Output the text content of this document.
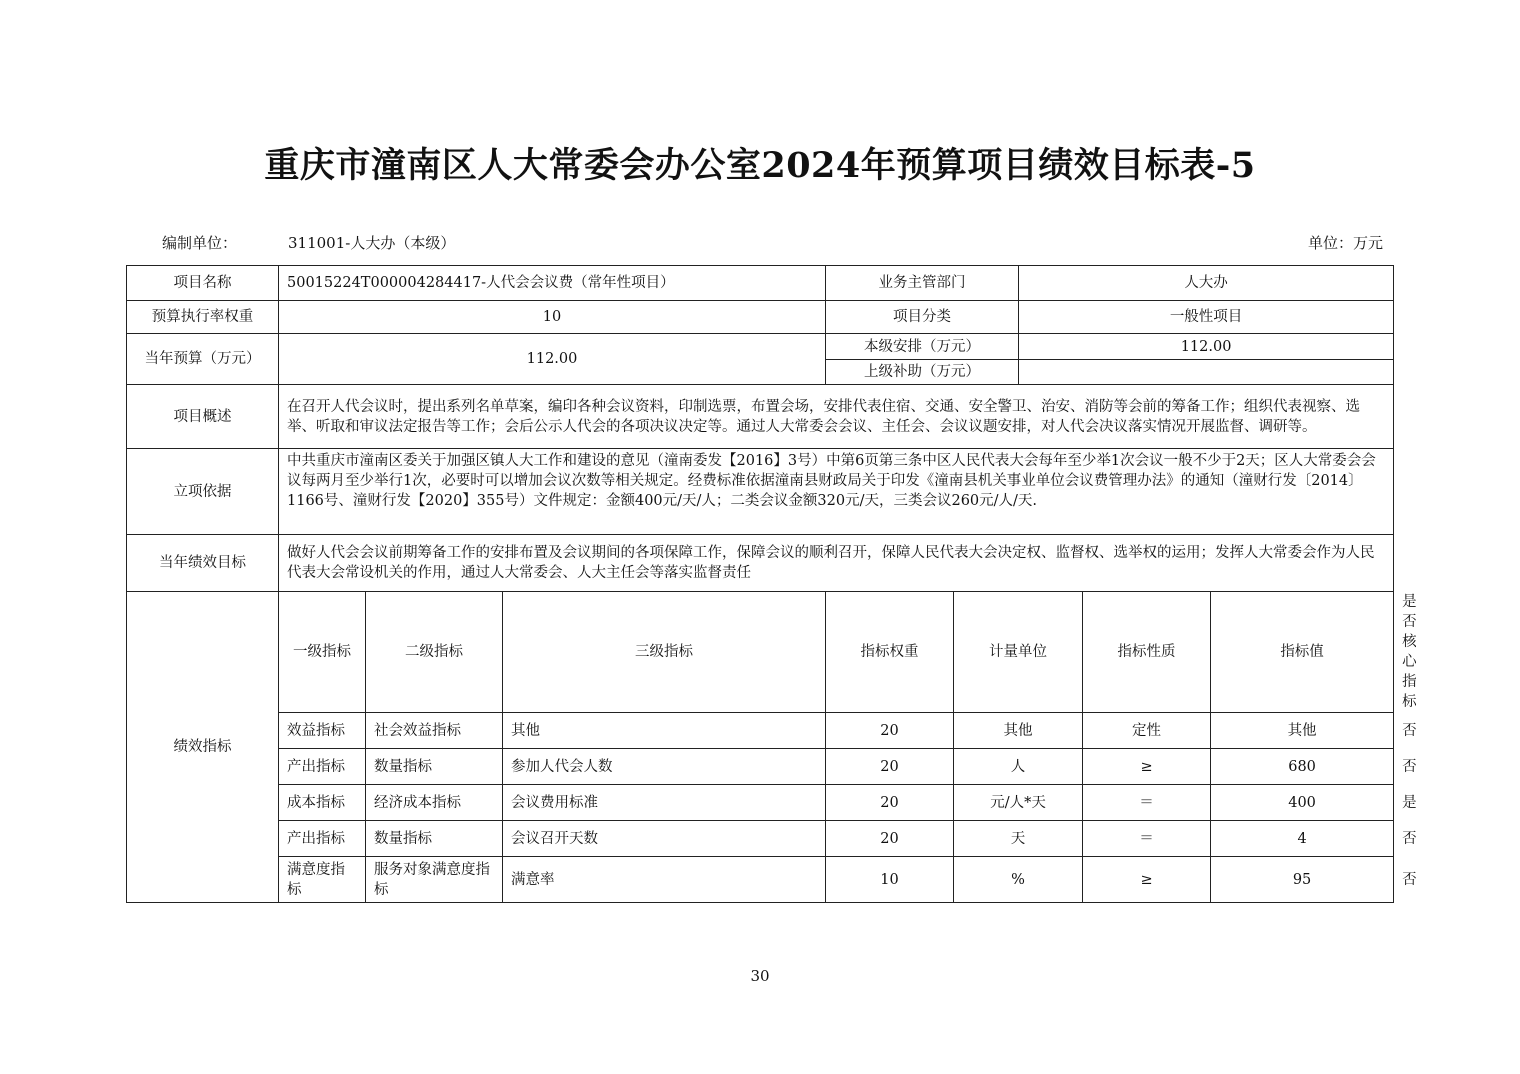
重庆市潼南区人大常委会办公室2024年预算项目绩效目标表-5
编制单位：	311001-人大办（本级）	单位：万元
项目名称	50015224T000004284417-人代会会议费（常年性项目）			业务主管部门		人大办			
预算执行率权重	10			项目分类		一般性项目			
当年预算（万元）	112.00			本级安排（万元）		112.00			
				上级补助（万元）					
项目概述	在召开人代会议时，提出系列名单草案，编印各种会议资料，印制选票，布置会场，安排代表住宿、交通、安全警卫、治安、消防等会前的筹备工作；组织代表视察、选举、听取和审议法定报告等工作；会后公示人代会的各项决议决定等。通过人大常委会会议、主任会、会议议题安排，对人代会决议落实情况开展监督、调研等。								
立项依据	中共重庆市潼南区委关于加强区镇人大工作和建设的意见（潼南委发【2016】3号）中第6页第三条中区人民代表大会每年至少举1次会议一般不少于2天；区人大常委会会议每两月至少举行1次，必要时可以增加会议次数等相关规定。经费标准依据潼南县财政局关于印发《潼南县机关事业单位会议费管理办法》的通知（潼财行发〔2014〕1166号、潼财行发【2020】355号）文件规定：金额400元/天/人；二类会议金额320元/天，三类会议260元/人/天.								
当年绩效目标	做好人代会会议前期筹备工作的安排布置及会议期间的各项保障工作，保障会议的顺利召开，保障人民代表大会决定权、监督权、选举权的运用；发挥人大常委会作为人民代表大会常设机关的作用，通过人大常委会、人大主任会等落实监督责任								
绩效指标	一级指标	二级指标	三级指标	指标权重	计量单位		指标性质	指标值	是否核心指标
	效益指标	社会效益指标	其他	20	其他		定性	其他	否
	产出指标	数量指标	参加人代会人数	20	人		≥	680	否
	成本指标	经济成本指标	会议费用标准	20	元/人*天		＝	400	是
	产出指标	数量指标	会议召开天数	20	天		＝	4	否
	满意度指标	服务对象满意度指标	满意率	10	%		≥	95	否
30
